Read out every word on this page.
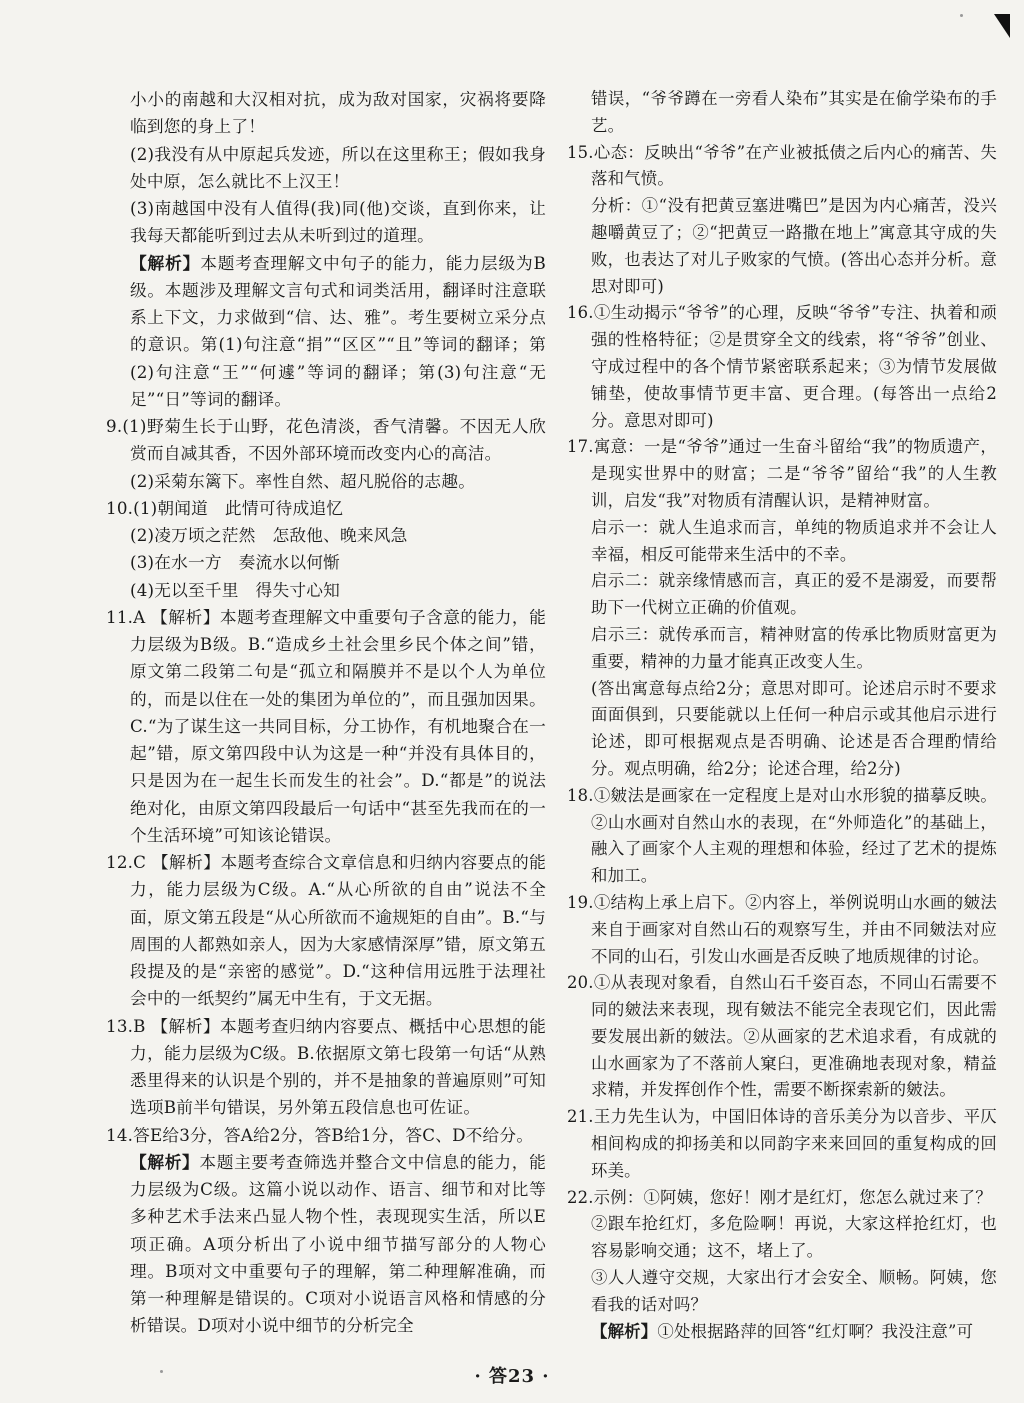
小小的南越和大汉相对抗，成为敌对国家，灾祸将要降临到您的身上了！

(2)我没有从中原起兵发迹，所以在这里称王；假如我身处中原，怎么就比不上汉王！

(3)南越国中没有人值得(我)同(他)交谈，直到你来，让我每天都能听到过去从未听到过的道理。

【解析】本题考查理解文中句子的能力，能力层级为B级。本题涉及理解文言句式和词类活用，翻译时注意联系上下文，力求做到“信、达、雅”。考生要树立采分点的意识。第(1)句注意“捐”“区区”“且”等词的翻译；第(2)句注意“王”“何遽”等词的翻译；第(3)句注意“无足”“日”等词的翻译。

9.(1)野菊生长于山野，花色清淡，香气清馨。不因无人欣赏而自减其香，不因外部环境而改变内心的高洁。

(2)采菊东篱下。率性自然、超凡脱俗的志趣。

10.(1)朝闻道　此情可待成追忆

(2)凌万顷之茫然　怎敌他、晚来风急

(3)在水一方　奏流水以何惭

(4)无以至千里　得失寸心知

11.A 【解析】本题考查理解文中重要句子含意的能力，能力层级为B级。B.“造成乡土社会里乡民个体之间”错，原文第二段第二句是“孤立和隔膜并不是以个人为单位的，而是以住在一处的集团为单位的”，而且强加因果。C.“为了谋生这一共同目标，分工协作，有机地聚合在一起”错，原文第四段中认为这是一种“并没有具体目的，只是因为在一起生长而发生的社会”。D.“都是”的说法绝对化，由原文第四段最后一句话中“甚至先我而在的一个生活环境”可知该论错误。

12.C 【解析】本题考查综合文章信息和归纳内容要点的能力，能力层级为C级。A.“从心所欲的自由”说法不全面，原文第五段是“从心所欲而不逾规矩的自由”。B.“与周围的人都熟如亲人，因为大家感情深厚”错，原文第五段提及的是“亲密的感觉”。D.“这种信用远胜于法理社会中的一纸契约”属无中生有，于文无据。

13.B 【解析】本题考查归纳内容要点、概括中心思想的能力，能力层级为C级。B.依据原文第七段第一句话“从熟悉里得来的认识是个别的，并不是抽象的普遍原则”可知选项B前半句错误，另外第五段信息也可佐证。

14.答E给3分，答A给2分，答B给1分，答C、D不给分。

【解析】本题主要考查筛选并整合文中信息的能力，能力层级为C级。这篇小说以动作、语言、细节和对比等多种艺术手法来凸显人物个性，表现现实生活，所以E项正确。A项分析出了小说中细节描写部分的人物心理。B项对文中重要句子的理解，第二种理解准确，而第一种理解是错误的。C项对小说语言风格和情感的分析错误。D项对小说中细节的分析完全

错误，“爷爷蹲在一旁看人染布”其实是在偷学染布的手艺。

15.心态：反映出“爷爷”在产业被抵债之后内心的痛苦、失落和气愤。

分析：①“没有把黄豆塞进嘴巴”是因为内心痛苦，没兴趣嚼黄豆了；②“把黄豆一路撒在地上”寓意其守成的失败，也表达了对儿子败家的气愤。(答出心态并分析。意思对即可)

16.①生动揭示“爷爷”的心理，反映“爷爷”专注、执着和顽强的性格特征；②是贯穿全文的线索，将“爷爷”创业、守成过程中的各个情节紧密联系起来；③为情节发展做铺垫，使故事情节更丰富、更合理。(每答出一点给2分。意思对即可)

17.寓意：一是“爷爷”通过一生奋斗留给“我”的物质遗产，是现实世界中的财富；二是“爷爷”留给“我”的人生教训，启发“我”对物质有清醒认识，是精神财富。

启示一：就人生追求而言，单纯的物质追求并不会让人幸福，相反可能带来生活中的不幸。

启示二：就亲缘情感而言，真正的爱不是溺爱，而要帮助下一代树立正确的价值观。

启示三：就传承而言，精神财富的传承比物质财富更为重要，精神的力量才能真正改变人生。

(答出寓意每点给2分；意思对即可。论述启示时不要求面面俱到，只要能就以上任何一种启示或其他启示进行论述，即可根据观点是否明确、论述是否合理酌情给分。观点明确，给2分；论述合理，给2分)

18.①皴法是画家在一定程度上是对山水形貌的描摹反映。②山水画对自然山水的表现，在“外师造化”的基础上，融入了画家个人主观的理想和体验，经过了艺术的提炼和加工。

19.①结构上承上启下。②内容上，举例说明山水画的皴法来自于画家对自然山石的观察写生，并由不同皴法对应不同的山石，引发山水画是否反映了地质规律的讨论。

20.①从表现对象看，自然山石千姿百态，不同山石需要不同的皴法来表现，现有皴法不能完全表现它们，因此需要发展出新的皴法。②从画家的艺术追求看，有成就的山水画家为了不落前人窠臼，更准确地表现对象，精益求精，并发挥创作个性，需要不断探索新的皴法。

21.王力先生认为，中国旧体诗的音乐美分为以音步、平仄相间构成的抑扬美和以同韵字来来回回的重复构成的回环美。

22.示例：①阿姨，您好！刚才是红灯，您怎么就过来了？

②跟车抢红灯，多危险啊！再说，大家这样抢红灯，也容易影响交通；这不，堵上了。

③人人遵守交规，大家出行才会安全、顺畅。阿姨，您看我的话对吗？

【解析】①处根据路萍的回答“红灯啊？我没注意”可

· 答23 ·
